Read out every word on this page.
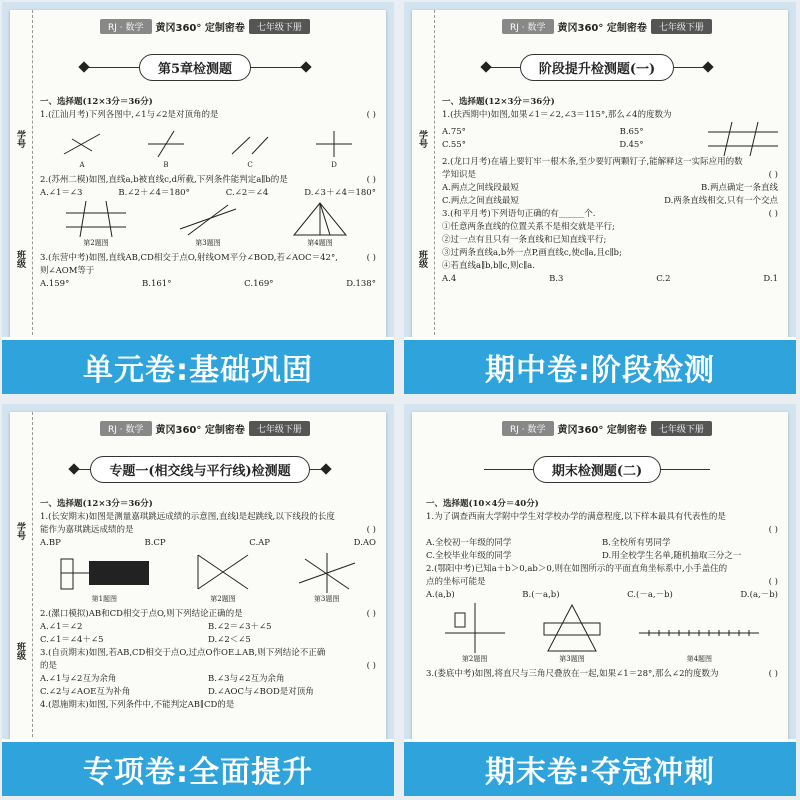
学号
班级
RJ · 数学	黄冈360° 定制密卷	七年级下册
第5章检测题

一、选择题(12×3分＝36分)

1.(江汕月考)下列各图中,∠1与∠2是对顶角的是	( )

A	B	C	D

2.(苏州二模)如图,直线a,b被直线c,d所截,下列条件能判定a∥b的是	( )

A.∠1＝∠3	B.∠2＋∠4＝180°	C.∠2＝∠4	D.∠3＋∠4＝180°
第2题图	第3题图	第4题图

3.(东营中考)如图,直线AB,CD相交于点O,射线OM平分∠BOD,若∠AOC＝42°,	( )

则∠AOM等于

A.159°	B.161°	C.169°	D.138°
单元卷:基础巩固
学号
班级
RJ · 数学	黄冈360° 定制密卷	七年级下册
阶段提升检测题(一)

一、选择题(12×3分＝36分)

1.(扶西期中)如图,如果∠1＝∠2,∠3＝115°,那么∠4的度数为

A.75°	B.65°
C.55°	D.45°

2.(龙口月考)在墙上要钉牢一根木条,至少要钉两颗钉子,能解释这一实际应用的数

学知识是	( )

A.两点之间线段最短	B.两点确定一条直线
C.两点之间直线最短	D.两条直线相交,只有一个交点

3.(和平月考)下列语句正确的有______个.	( )

①任意两条直线的位置关系不是相交就是平行;

②过一点有且只有一条直线和已知直线平行;

③过两条直线a,b外一点P,画直线c,使c∥a,且c∥b;

④若直线a∥b,b∥c,则c∥a.

A.4	B.3	C.2	D.1
期中卷:阶段检测
学号
班级
RJ · 数学	黄冈360° 定制密卷	七年级下册
专题一(相交线与平行线)检测题

一、选择题(12×3分＝36分)

1.(长安期末)如图是测量嘉琪跳远成绩的示意图,直线l是起跳线,以下线段的长度

能作为嘉琪跳远成绩的是	( )

A.BP	B.CP	C.AP	D.AO
第1题图	第2题图	第3题图

2.(漯口模拟)AB和CD相交于点O,则下列结论正确的是	( )

A.∠1＝∠2	B.∠2＝∠3＋∠5
C.∠1＝∠4＋∠5	D.∠2＜∠5

3.(自贡期末)如图,若AB,CD相交于点O,过点O作OE⊥AB,则下列结论不正确

的是	( )

A.∠1与∠2互为余角	B.∠3与∠2互为余角
C.∠2与∠AOE互为补角	D.∠AOC与∠BOD是对顶角

4.(恩施期末)如图,下列条件中,不能判定AB∥CD的是

专项卷:全面提升
RJ · 数学	黄冈360° 定制密卷	七年级下册
期末检测题(二)

一、选择题(10×4分＝40分)

1.为了调查西南大学附中学生对学校办学的满意程度,以下样本最具有代表性的是

( )

A.全校初一年级的同学	B.全校所有男同学
C.全校毕业年级的同学	D.用全校学生名单,随机抽取三分之一

2.(鄂阳中考)已知a＋b＞0,ab＞0,则在如图所示的平面直角坐标系中,小手盖住的

点的坐标可能是	( )

A.(a,b)	B.(－a,b)	C.(－a,－b)	D.(a,－b)
第2题图	第3题图	第4题图

3.(娄底中考)如图,将直尺与三角尺叠放在一起,如果∠1＝28°,那么∠2的度数为	( )

期末卷:夺冠冲刺
